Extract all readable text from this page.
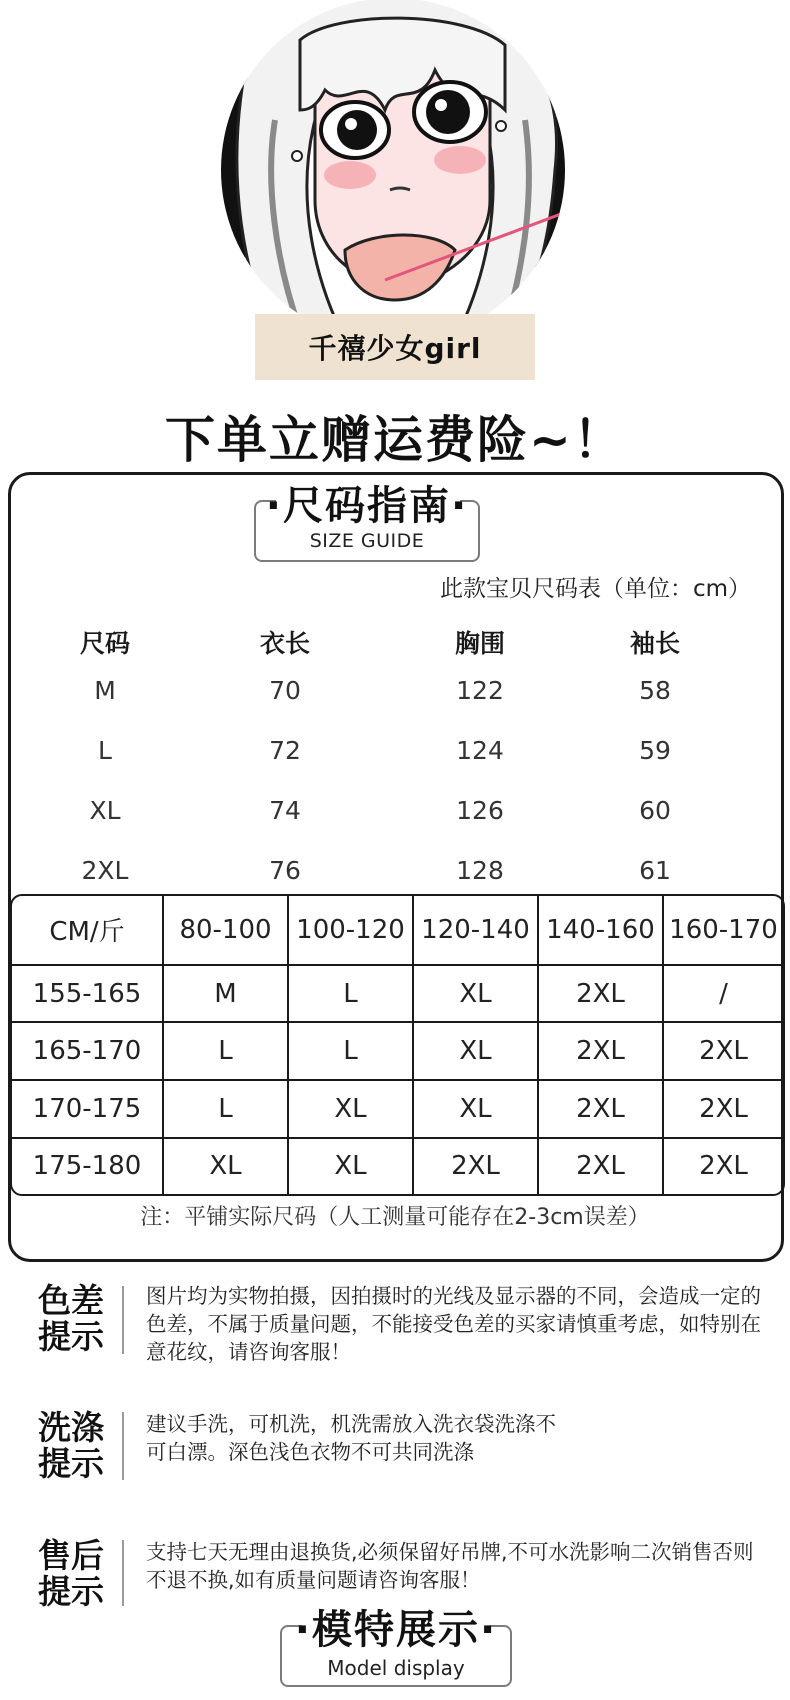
千禧少女girl
下单立赠运费险~！
·尺码指南·
SIZE GUIDE
此款宝贝尺码表（单位：cm）
尺码	衣长	胸围	袖长
M	70	122	58
L	72	124	59
XL	74	126	60
2XL	76	128	61
CM/斤	80-100	100-120	120-140	140-160	160-170
155-165	M	L	XL	2XL	/
165-170	L	L	XL	2XL	2XL
170-175	L	XL	XL	2XL	2XL
175-180	XL	XL	2XL	2XL	2XL
注：平铺实际尺码（人工测量可能存在2-3cm误差）
色差
提示
图片均为实物拍摄，因拍摄时的光线及显示器的不同，会造成一定的色差，不属于质量问题，不能接受色差的买家请慎重考虑，如特别在意花纹，请咨询客服！
洗涤
提示
建议手洗，可机洗，机洗需放入洗衣袋洗涤不可白漂。深色浅色衣物不可共同洗涤
售后
提示
支持七天无理由退换货,必须保留好吊牌,不可水洗影响二次销售否则不退不换,如有质量问题请咨询客服！
·模特展示·
Model display
